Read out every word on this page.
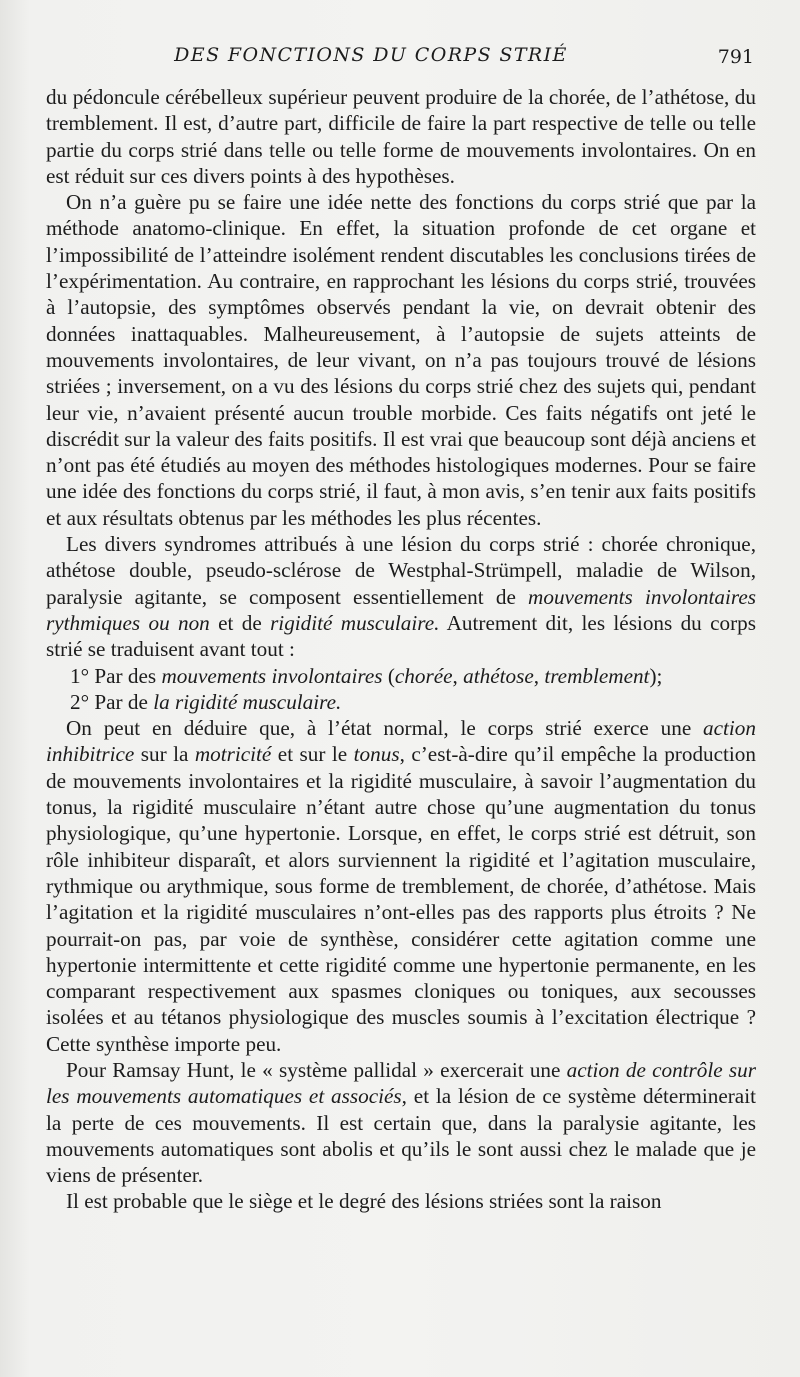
DES FONCTIONS DU CORPS STRIÉ	791

du pédoncule cérébelleux supérieur peuvent produire de la chorée, de l’athétose, du tremblement. Il est, d’autre part, difficile de faire la part respective de telle ou telle partie du corps strié dans telle ou telle forme de mouvements involontaires. On en est réduit sur ces divers points à des hypothèses.

On n’a guère pu se faire une idée nette des fonctions du corps strié que par la méthode anatomo-clinique. En effet, la situation profonde de cet organe et l’impossibilité de l’atteindre isolément rendent discutables les conclusions tirées de l’expérimentation. Au contraire, en rapprochant les lésions du corps strié, trouvées à l’autopsie, des symptômes observés pendant la vie, on devrait obtenir des données inattaquables. Malheureusement, à l’autopsie de sujets atteints de mouvements involontaires, de leur vivant, on n’a pas toujours trouvé de lésions striées ; inversement, on a vu des lésions du corps strié chez des sujets qui, pendant leur vie, n’avaient présenté aucun trouble morbide. Ces faits négatifs ont jeté le discrédit sur la valeur des faits positifs. Il est vrai que beaucoup sont déjà anciens et n’ont pas été étudiés au moyen des méthodes histologiques modernes. Pour se faire une idée des fonctions du corps strié, il faut, à mon avis, s’en tenir aux faits positifs et aux résultats obtenus par les méthodes les plus récentes.

Les divers syndromes attribués à une lésion du corps strié : chorée chronique, athétose double, pseudo-sclérose de Westphal-Strümpell, maladie de Wilson, paralysie agitante, se composent essentiellement de mouvements involontaires rythmiques ou non et de rigidité musculaire. Autrement dit, les lésions du corps strié se traduisent avant tout :

1° Par des mouvements involontaires (chorée, athétose, tremblement);

2° Par de la rigidité musculaire.

On peut en déduire que, à l’état normal, le corps strié exerce une action inhibitrice sur la motricité et sur le tonus, c’est-à-dire qu’il empêche la production de mouvements involontaires et la rigidité musculaire, à savoir l’augmentation du tonus, la rigidité musculaire n’étant autre chose qu’une augmentation du tonus physiologique, qu’une hypertonie. Lorsque, en effet, le corps strié est détruit, son rôle inhibiteur disparaît, et alors surviennent la rigidité et l’agitation musculaire, rythmique ou arythmique, sous forme de tremblement, de chorée, d’athétose. Mais l’agitation et la rigidité musculaires n’ont-elles pas des rapports plus étroits ? Ne pourrait-on pas, par voie de synthèse, considérer cette agitation comme une hypertonie intermittente et cette rigidité comme une hypertonie permanente, en les comparant respectivement aux spasmes cloniques ou toniques, aux secousses isolées et au tétanos physiologique des muscles soumis à l’excitation électrique ? Cette synthèse importe peu.

Pour Ramsay Hunt, le « système pallidal » exercerait une action de contrôle sur les mouvements automatiques et associés, et la lésion de ce système déterminerait la perte de ces mouvements. Il est certain que, dans la paralysie agitante, les mouvements automatiques sont abolis et qu’ils le sont aussi chez le malade que je viens de présenter.

Il est probable que le siège et le degré des lésions striées sont la raison
